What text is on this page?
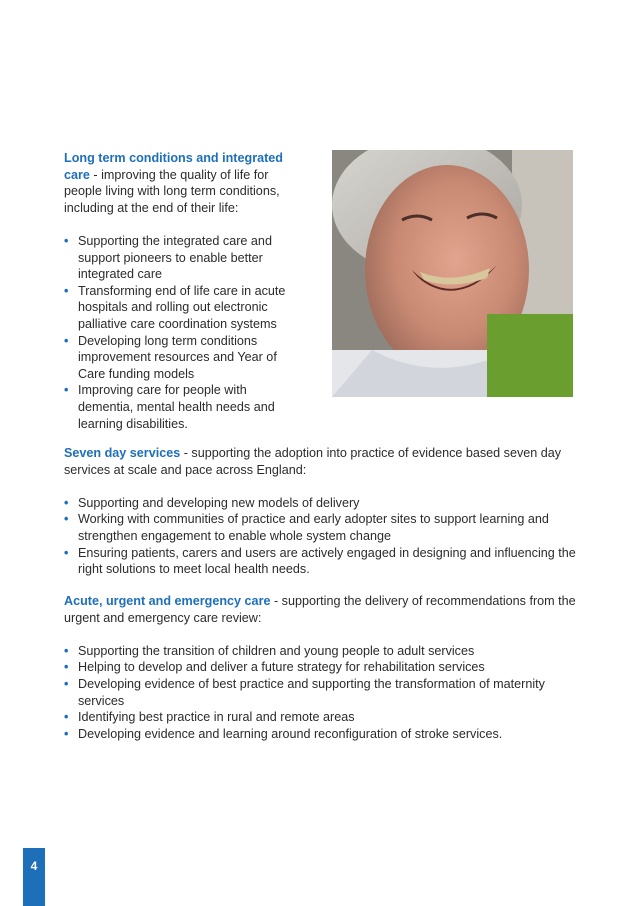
Long term conditions and integrated care - improving the quality of life for people living with long term conditions, including at the end of their life:
• Supporting the integrated care and support pioneers to enable better integrated care
• Transforming end of life care in acute hospitals and rolling out electronic palliative care coordination systems
• Developing long term conditions improvement resources and Year of Care funding models
• Improving care for people with dementia, mental health needs and learning disabilities.
Seven day services - supporting the adoption into practice of evidence based seven day services at scale and pace across England:
• Supporting and developing new models of delivery
• Working with communities of practice and early adopter sites to support learning and strengthen engagement to enable whole system change
• Ensuring patients, carers and users are actively engaged in designing and influencing the right solutions to meet local health needs.
Acute, urgent and emergency care - supporting the delivery of recommendations from the urgent and emergency care review:
• Supporting the transition of children and young people to adult services
• Helping to develop and deliver a future strategy for rehabilitation services
• Developing evidence of best practice and supporting the transformation of maternity services
• Identifying best practice in rural and remote areas
• Developing evidence and learning around reconfiguration of stroke services.
4
